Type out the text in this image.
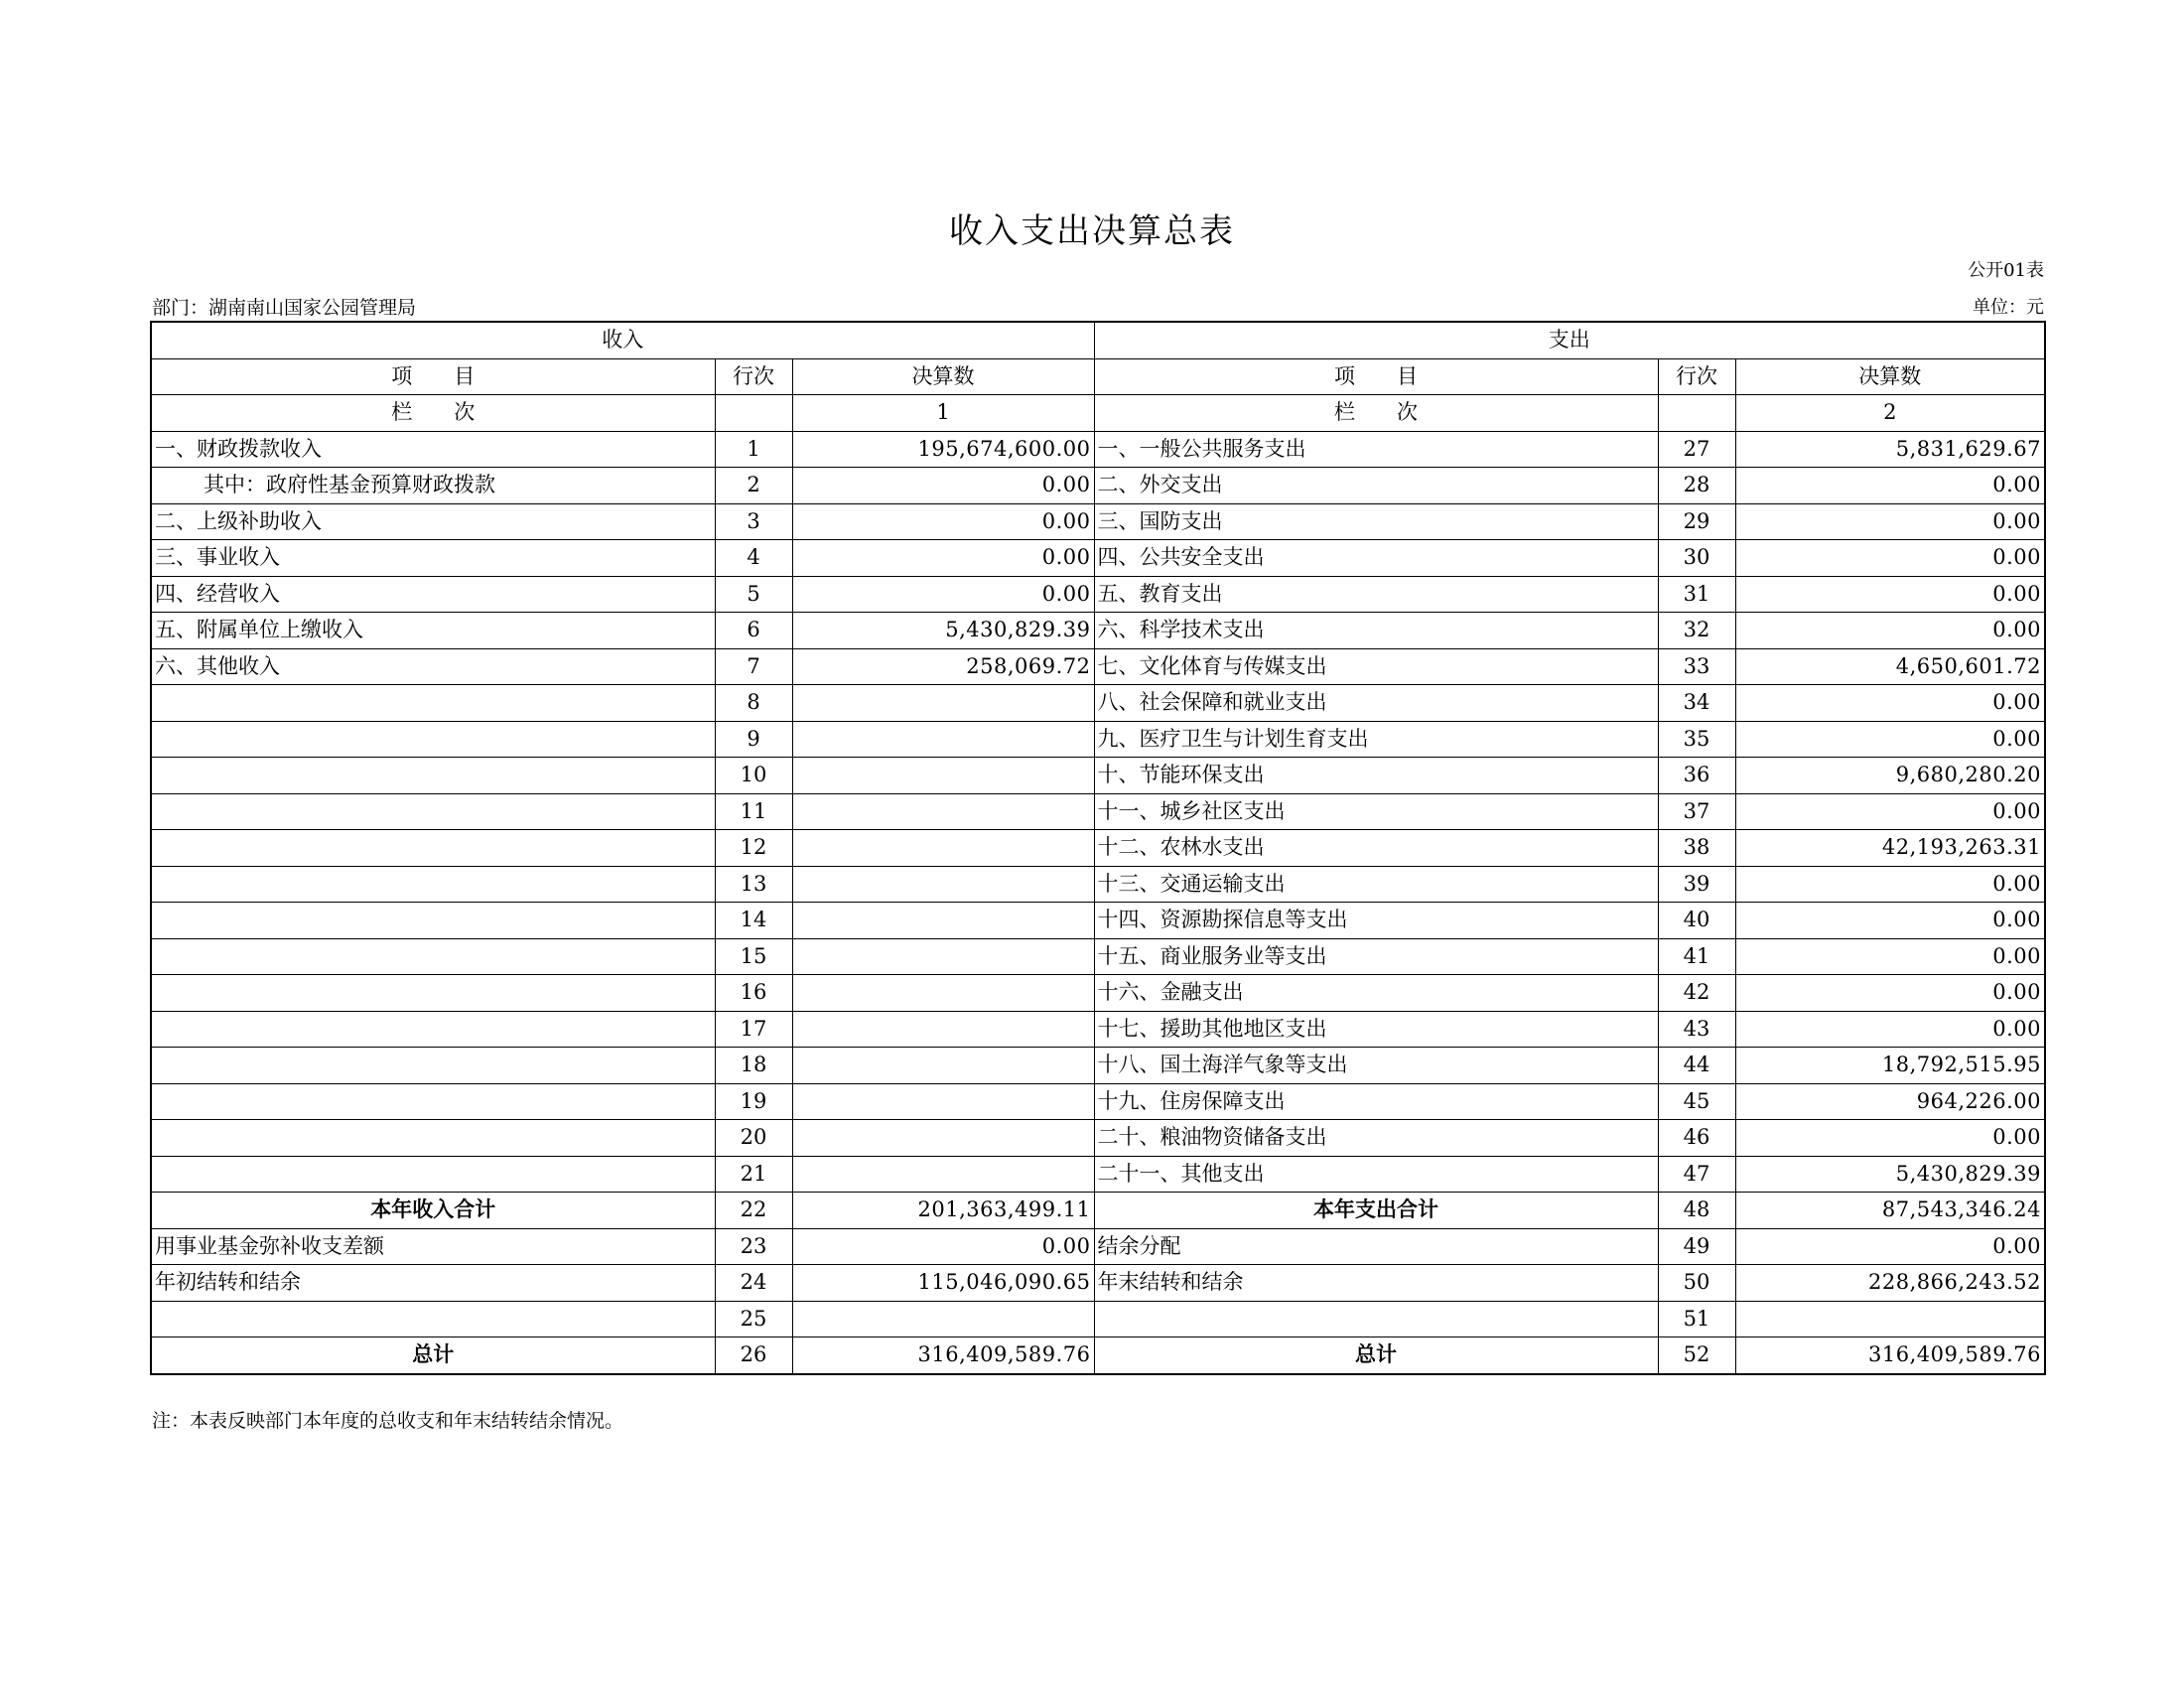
收入支出决算总表
公开01表
部门：湖南南山国家公园管理局	单位：元
收入			支出		
项　　目	行次	决算数	项　　目	行次	决算数
栏　　次		1	栏　　次		2
一、财政拨款收入	1	195,674,600.00	一、一般公共服务支出	27	5,831,629.67
其中：政府性基金预算财政拨款	2	0.00	二、外交支出	28	0.00
二、上级补助收入	3	0.00	三、国防支出	29	0.00
三、事业收入	4	0.00	四、公共安全支出	30	0.00
四、经营收入	5	0.00	五、教育支出	31	0.00
五、附属单位上缴收入	6	5,430,829.39	六、科学技术支出	32	0.00
六、其他收入	7	258,069.72	七、文化体育与传媒支出	33	4,650,601.72
	8		八、社会保障和就业支出	34	0.00
	9		九、医疗卫生与计划生育支出	35	0.00
	10		十、节能环保支出	36	9,680,280.20
	11		十一、城乡社区支出	37	0.00
	12		十二、农林水支出	38	42,193,263.31
	13		十三、交通运输支出	39	0.00
	14		十四、资源勘探信息等支出	40	0.00
	15		十五、商业服务业等支出	41	0.00
	16		十六、金融支出	42	0.00
	17		十七、援助其他地区支出	43	0.00
	18		十八、国土海洋气象等支出	44	18,792,515.95
	19		十九、住房保障支出	45	964,226.00
	20		二十、粮油物资储备支出	46	0.00
	21		二十一、其他支出	47	5,430,829.39
本年收入合计	22	201,363,499.11	本年支出合计	48	87,543,346.24
用事业基金弥补收支差额	23	0.00	结余分配	49	0.00
年初结转和结余	24	115,046,090.65	年末结转和结余	50	228,866,243.52
	25			51	
总计	26	316,409,589.76	总计	52	316,409,589.76
注：本表反映部门本年度的总收支和年末结转结余情况。
